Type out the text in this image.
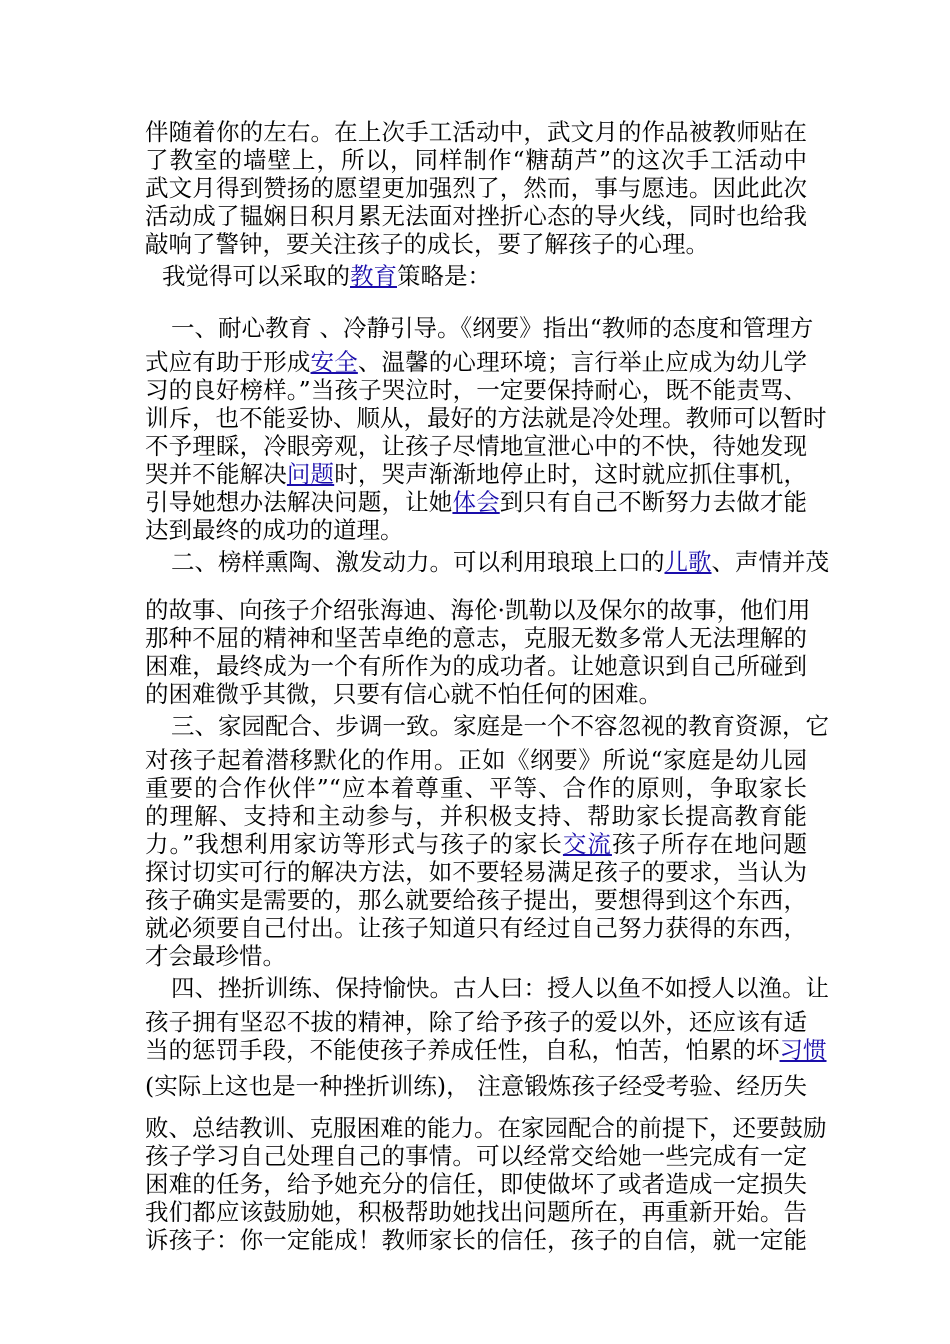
伴随着你的左右。在上次手工活动中，武文月的作品被教师贴在
了教室的墙壁上，所以，同样制作“糖葫芦”的这次手工活动中
武文月得到赞扬的愿望更加强烈了，然而，事与愿违。因此此次
活动成了韫娴日积月累无法面对挫折心态的导火线，同时也给我
敲响了警钟，要关注孩子的成长，要了解孩子的心理。
我觉得可以采取的教育策略是：
一、耐心教育 、冷静引导。《纲要》指出“教师的态度和管理方
式应有助于形成安全、温馨的心理环境；言行举止应成为幼儿学
习的良好榜样。”当孩子哭泣时，一定要保持耐心，既不能责骂、
训斥，也不能妥协、顺从，最好的方法就是冷处理。教师可以暂时
不予理睬，冷眼旁观，让孩子尽情地宣泄心中的不快，待她发现
哭并不能解决问题时，哭声渐渐地停止时，这时就应抓住事机，
引导她想办法解决问题，让她体会到只有自己不断努力去做才能
达到最终的成功的道理。
二、榜样熏陶、激发动力。可以利用琅琅上口的儿歌、声情并茂
的故事、向孩子介绍张海迪、海伦·凯勒以及保尔的故事，他们用
那种不屈的精神和坚苦卓绝的意志，克服无数多常人无法理解的
困难，最终成为一个有所作为的成功者。让她意识到自己所碰到
的困难微乎其微，只要有信心就不怕任何的困难。
三、家园配合、步调一致。家庭是一个不容忽视的教育资源，它
对孩子起着潜移默化的作用。正如《纲要》所说“家庭是幼儿园
重要的合作伙伴”“应本着尊重、平等、合作的原则，争取家长
的理解、支持和主动参与，并积极支持、帮助家长提高教育能
力。”我想利用家访等形式与孩子的家长交流孩子所存在地问题
探讨切实可行的解决方法，如不要轻易满足孩子的要求，当认为
孩子确实是需要的，那么就要给孩子提出，要想得到这个东西，
就必须要自己付出。让孩子知道只有经过自己努力获得的东西，
才会最珍惜。
四、挫折训练、保持愉快。古人曰：授人以鱼不如授人以渔。让
孩子拥有坚忍不拔的精神，除了给予孩子的爱以外，还应该有适
当的惩罚手段，不能使孩子养成任性，自私，怕苦，怕累的坏习惯
(实际上这也是一种挫折训练)， 注意锻炼孩子经受考验、经历失
败、总结教训、克服困难的能力。在家园配合的前提下，还要鼓励
孩子学习自己处理自己的事情。可以经常交给她一些完成有一定
困难的任务，给予她充分的信任，即使做坏了或者造成一定损失
我们都应该鼓励她，积极帮助她找出问题所在，再重新开始。告
诉孩子：你一定能成！教师家长的信任，孩子的自信，就一定能
